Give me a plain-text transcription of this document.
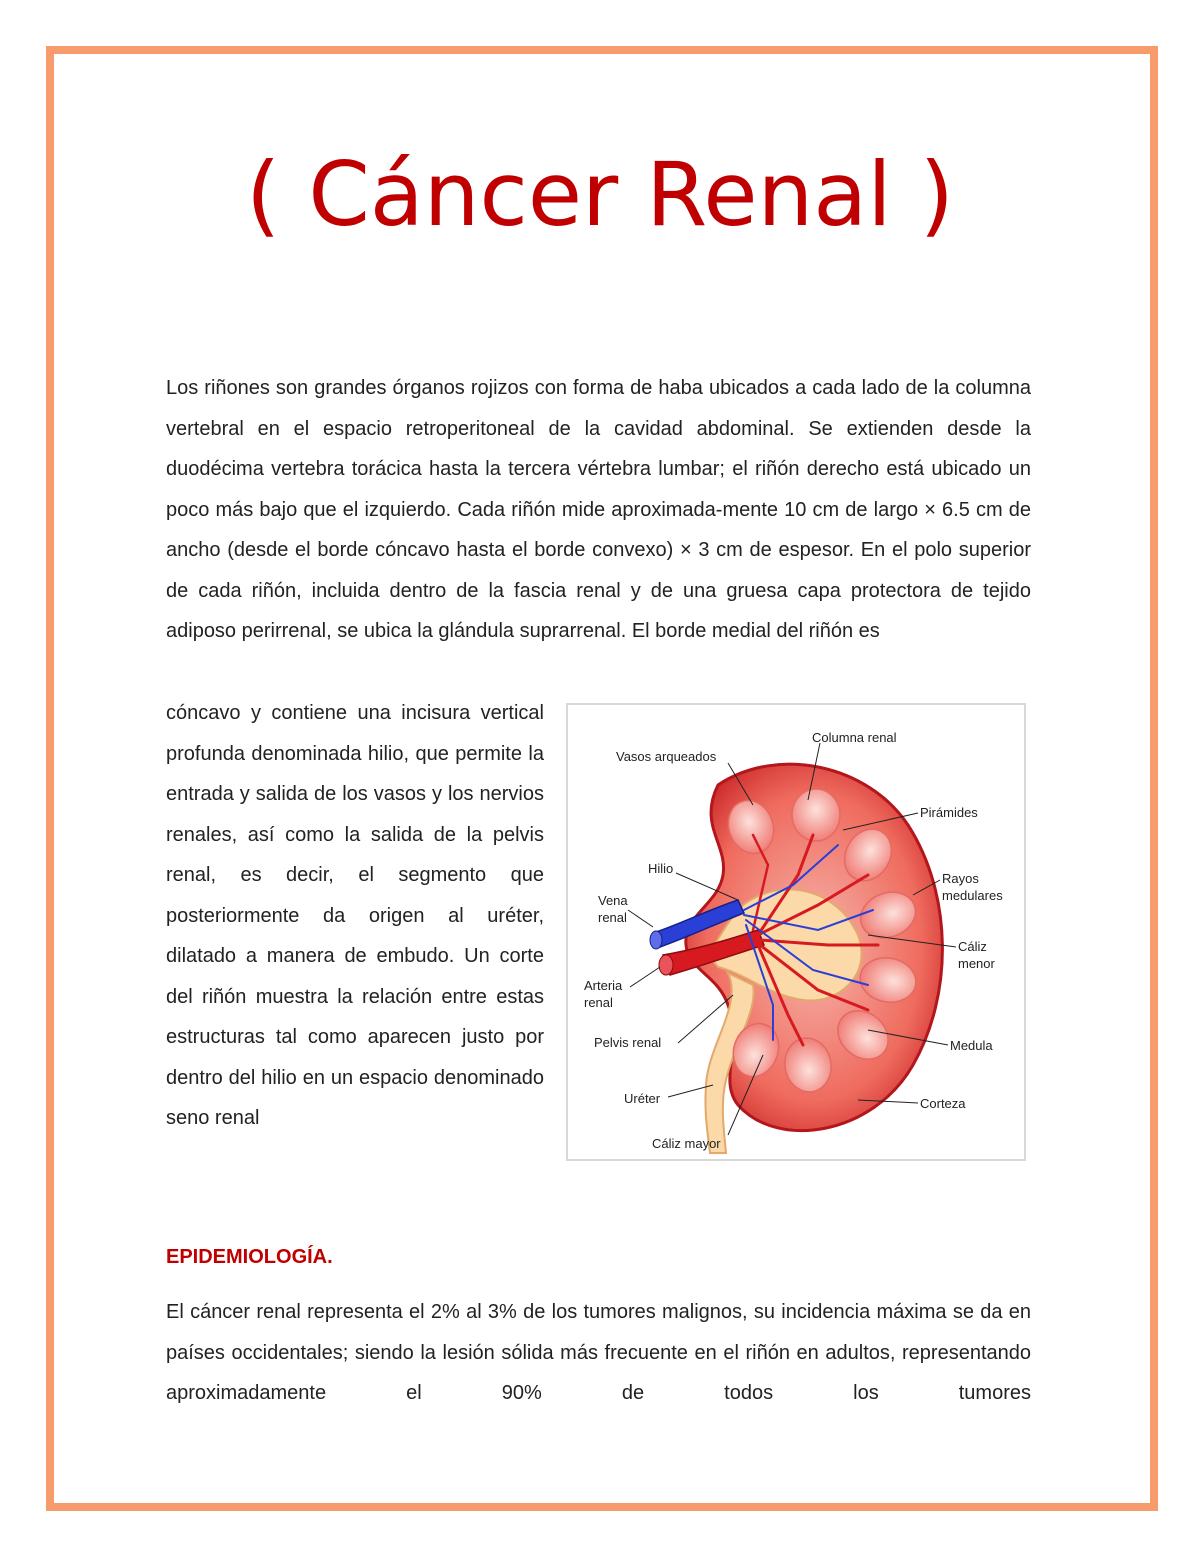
( Cáncer Renal )

Los riñones son grandes órganos rojizos con forma de haba ubicados a cada lado de la columna vertebral en el espacio retroperitoneal de la cavidad abdominal. Se extienden desde la duodécima vertebra torácica hasta la tercera vértebra lumbar; el riñón derecho está ubicado un poco más bajo que el izquierdo. Cada riñón mide aproximada-mente 10 cm de largo × 6.5 cm de ancho (desde el borde cóncavo hasta el borde convexo) × 3 cm de espesor. En el polo superior de cada riñón, incluida dentro de la fascia renal y de una gruesa capa protectora de tejido adiposo perirrenal, se ubica la glándula suprarrenal. El borde medial del riñón es

cóncavo y contiene una incisura vertical profunda denominada hilio, que permite la entrada y salida de los vasos y los nervios renales, así como la salida de la pelvis renal, es decir, el segmento que posteriormente da origen al uréter, dilatado a manera de embudo. Un corte del riñón muestra la relación entre estas estructuras tal como aparecen justo por dentro del hilio en un espacio denominado seno renal

Columna renal
Vasos arqueados
Pirámides
Hilio
Rayos
medulares
Vena
renal
Cáliz
menor
Arteria
renal
Pelvis renal	Medula
Uréter	Corteza
Cáliz mayor
EPIDEMIOLOGÍA.

El cáncer renal representa el 2% al 3% de los tumores malignos, su incidencia máxima se da en países occidentales; siendo la lesión sólida más frecuente en el riñón en adultos, representando aproximadamente el 90% de todos los tumores
